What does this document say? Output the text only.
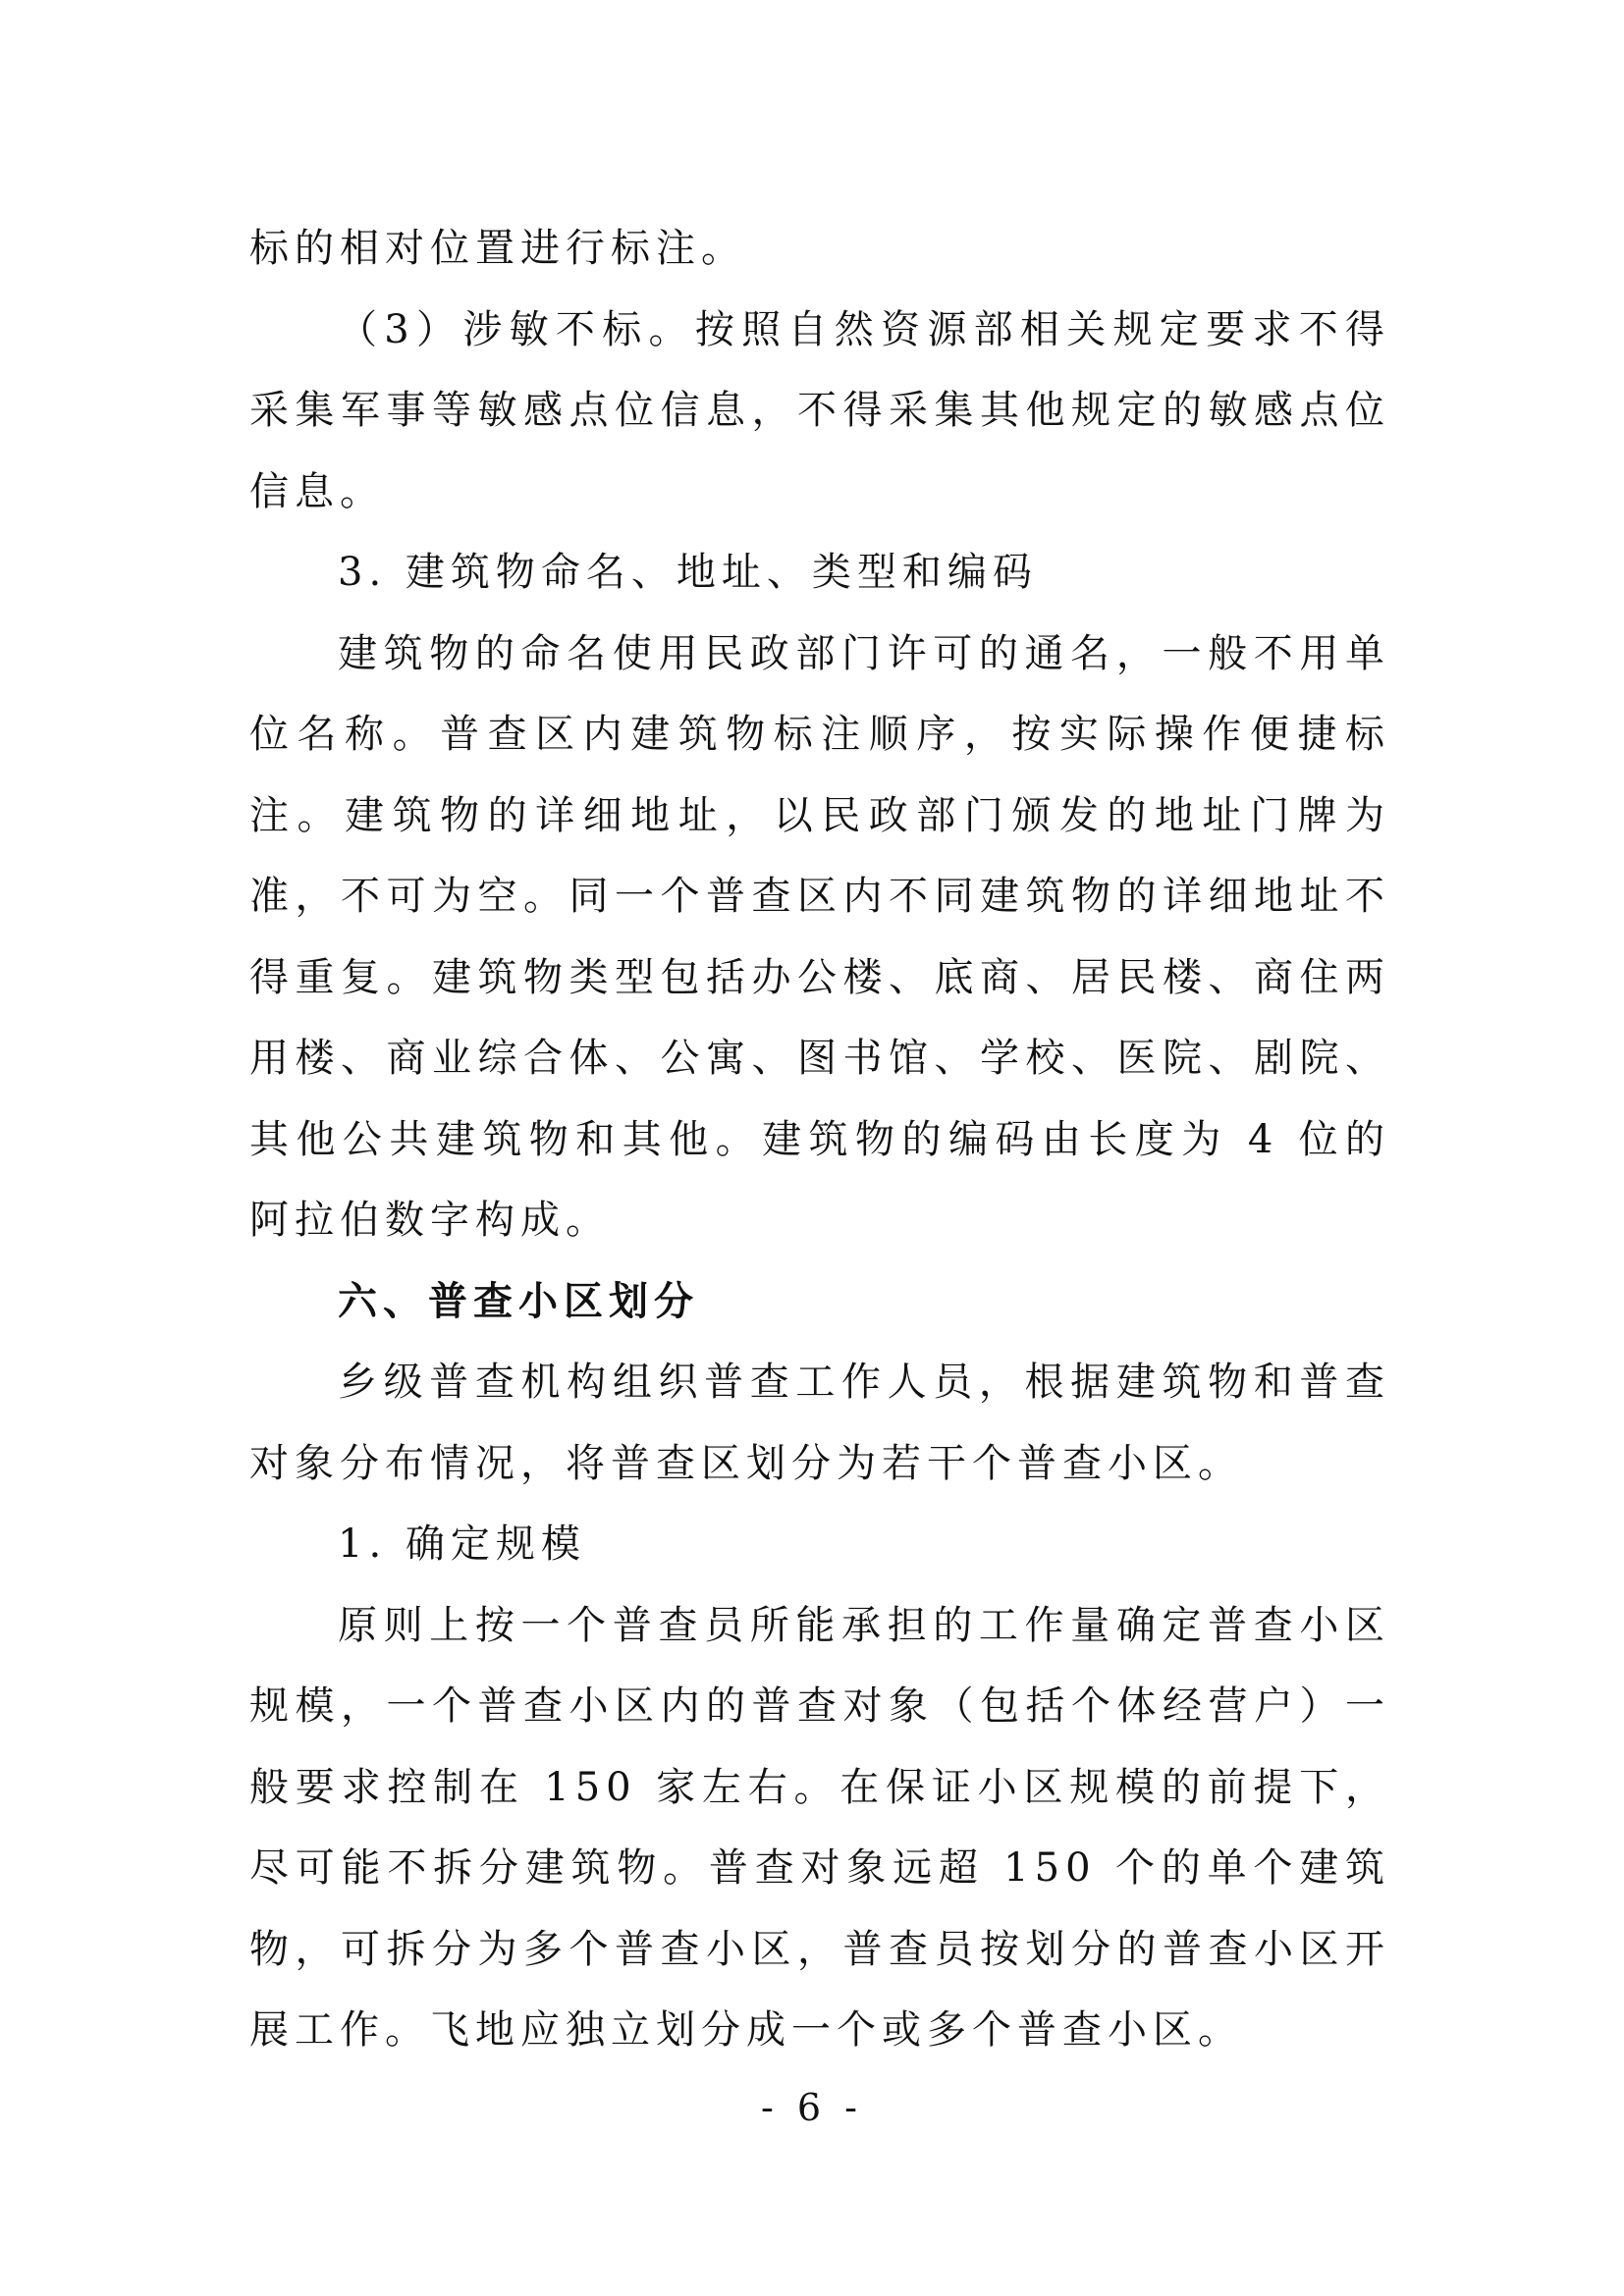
标的相对位置进行标注。

（3）涉敏不标。按照自然资源部相关规定要求不得采集军事等敏感点位信息，不得采集其他规定的敏感点位信息。

3. 建筑物命名、地址、类型和编码

建筑物的命名使用民政部门许可的通名，一般不用单位名称。普查区内建筑物标注顺序，按实际操作便捷标注。建筑物的详细地址，以民政部门颁发的地址门牌为准，不可为空。同一个普查区内不同建筑物的详细地址不得重复。建筑物类型包括办公楼、底商、居民楼、商住两用楼、商业综合体、公寓、图书馆、学校、医院、剧院、其他公共建筑物和其他。建筑物的编码由长度为 4 位的阿拉伯数字构成。

六、普查小区划分

乡级普查机构组织普查工作人员，根据建筑物和普查对象分布情况，将普查区划分为若干个普查小区。

1. 确定规模

原则上按一个普查员所能承担的工作量确定普查小区规模，一个普查小区内的普查对象（包括个体经营户）一般要求控制在 150 家左右。在保证小区规模的前提下，尽可能不拆分建筑物。普查对象远超 150 个的单个建筑物，可拆分为多个普查小区，普查员按划分的普查小区开展工作。飞地应独立划分成一个或多个普查小区。

- 6 -
